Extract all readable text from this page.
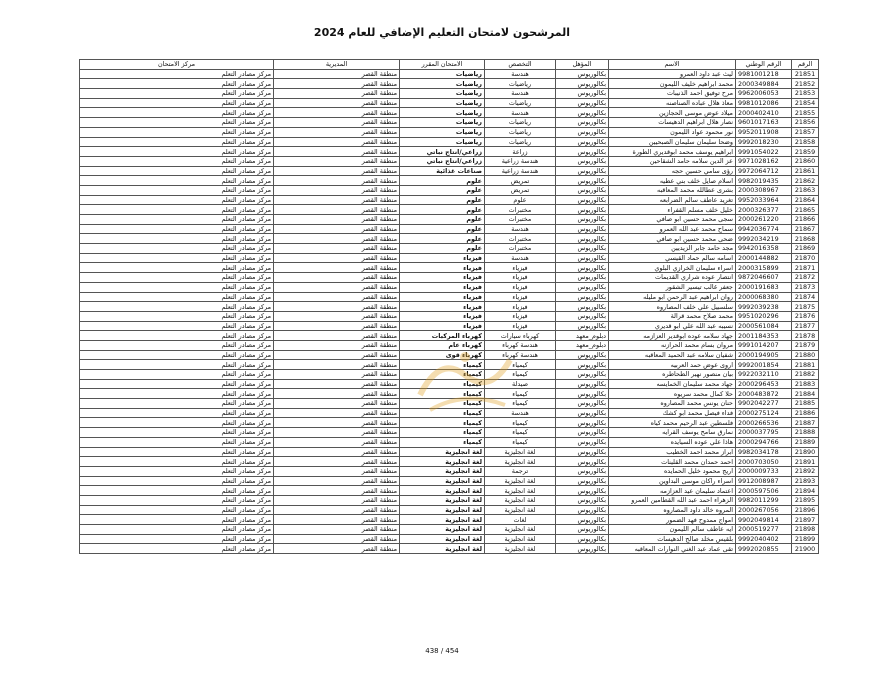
المرشحون لامتحان التعليم الإضافي للعام 2024
الرقم	الرقم الوطني	الاسم	المؤهل	التخصص	الامتحان المقرر	المديرية	مركز الامتحان
21851	9981001218	ليث عبد داود العمرو	بكالوريوس	هندسة	رياضيات	منطقة القصر	مركز مصادر التعلم
21852	2000349884	محمد ابراهيم خليف الليمون	بكالوريوس	رياضيات	رياضيات	منطقة القصر	مركز مصادر التعلم
21853	9962006053	مرح توفيق احمد الذنيبات	بكالوريوس	هندسة	رياضيات	منطقة القصر	مركز مصادر التعلم
21854	9981012086	معاذ هلال عباده الصناصنه	بكالوريوس	رياضيات	رياضيات	منطقة القصر	مركز مصادر التعلم
21855	2000402410	ميلاد عوض موسى الحجازين	بكالوريوس	هندسة	رياضيات	منطقة القصر	مركز مصادر التعلم
21856	9601017163	نصار هلال ابراهيم الدهيسات	بكالوريوس	رياضيات	رياضيات	منطقة القصر	مركز مصادر التعلم
21857	9952011908	نور محمود عواد الليمون	بكالوريوس	رياضيات	رياضيات	منطقة القصر	مركز مصادر التعلم
21858	9992018230	وضحا سليمان سليمان الصبحيين	بكالوريوس	رياضيات	رياضيات	منطقة القصر	مركز مصادر التعلم
21859	9991054022	ابراهيم يوسف محمد ابوقديري الطورة	بكالوريوس	زراعة	زراعي/انتاج نباتي	منطقة القصر	مركز مصادر التعلم
21860	9971028162	عز الدين سلامه حامد الشقاحين	بكالوريوس	هندسة زراعية	زراعي/انتاج نباتي	منطقة القصر	مركز مصادر التعلم
21861	9972064712	رؤى سامي حسين حجه	بكالوريوس	هندسة زراعية	صناعات غذائية	منطقة القصر	مركز مصادر التعلم
21862	9982019435	اسلام صايل خلف بني عطيه	بكالوريوس	تمريض	علوم	منطقة القصر	مركز مصادر التعلم
21863	2000308967	بشرى عطالله محمد المعاقبه	بكالوريوس	تمريض	علوم	منطقة القصر	مركز مصادر التعلم
21864	9952033964	تغريد عاطف سالم الضرابعه	بكالوريوس	علوم	علوم	منطقة القصر	مركز مصادر التعلم
21865	2000326377	خليل خلف مسلم القفراء	بكالوريوس	مختبرات	علوم	منطقة القصر	مركز مصادر التعلم
21866	2000261220	سجى محمد حسين ابو صافي	بكالوريوس	مختبرات	علوم	منطقة القصر	مركز مصادر التعلم
21867	9942036774	سماح محمد عبد الله العمرو	بكالوريوس	هندسة	علوم	منطقة القصر	مركز مصادر التعلم
21868	9992034219	ضحى محمد حسين ابو صافي	بكالوريوس	مختبرات	علوم	منطقة القصر	مركز مصادر التعلم
21869	9942016358	مجد حامد جابر الزيديين	بكالوريوس	مختبرات	علوم	منطقة القصر	مركز مصادر التعلم
21870	2000144882	اسامه سالم حماد القيسي	بكالوريوس	هندسة	فيزياء	منطقة القصر	مركز مصادر التعلم
21871	2000315899	اسراء سليمان الخرازي البلوي	بكالوريوس	فيزياء	فيزياء	منطقة القصر	مركز مصادر التعلم
21872	9872046607	انتصار عوده شراري القديمات	بكالوريوس	فيزياء	فيزياء	منطقة القصر	مركز مصادر التعلم
21873	2000191683	جعفر غالب تيسير الشقور	بكالوريوس	فيزياء	فيزياء	منطقة القصر	مركز مصادر التعلم
21874	2000068380	روان ابراهيم عبد الرحمن ابو مليله	بكالوريوس	فيزياء	فيزياء	منطقة القصر	مركز مصادر التعلم
21875	9992039238	سلسبيل علي خلف المصاروه	بكالوريوس	فيزياء	فيزياء	منطقة القصر	مركز مصادر التعلم
21876	9951020296	محمد صلاح محمد قرالة	بكالوريوس	فيزياء	فيزياء	منطقة القصر	مركز مصادر التعلم
21877	2000561084	نسيبه عبد الله علي ابو قديري	بكالوريوس	فيزياء	فيزياء	منطقة القصر	مركز مصادر التعلم
21878	2001184353	جهاد سلامه عوده ابوقدير العزازمه	دبلوم_معهد	كهرباء سيارات	كهرباء المركبات	منطقة القصر	مركز مصادر التعلم
21879	9991014207	مروان بسام محمد الحرازنه	دبلوم_معهد	هندسة كهرباء	كهرباء عام	منطقة القصر	مركز مصادر التعلم
21880	2000194905	شفيان سلامه عبد الحميد المعاقبه	بكالوريوس	هندسة كهرباء	كهرباء قوى	منطقة القصر	مركز مصادر التعلم
21881	9992001854	اروى عوض حمد العربيه	بكالوريوس	كيمياء	كيمياء	منطقة القصر	مركز مصادر التعلم
21882	9922032110	بيان منصور نهير الطحاطره	بكالوريوس	كيمياء	كيمياء	منطقة القصر	مركز مصادر التعلم
21883	2000296453	جهاد محمد سليمان الخمايسه	بكالوريوس	صيدلة	كيمياء	منطقة القصر	مركز مصادر التعلم
21884	2000483872	حلا كمال محمد سريوه	بكالوريوس	كيمياء	كيمياء	منطقة القصر	مركز مصادر التعلم
21885	9902042277	حنان يونس محمد المصاروه	بكالوريوس	كيمياء	كيمياء	منطقة القصر	مركز مصادر التعلم
21886	2000275124	فداء فيصل محمد ابو كشك	بكالوريوس	هندسة	كيمياء	منطقة القصر	مركز مصادر التعلم
21887	2000266536	فلسطين عبد الرحيم محمد كياه	بكالوريوس	كيمياء	كيمياء	منطقة القصر	مركز مصادر التعلم
21888	2000037795	نمارق سامح يوسف القرايه	بكالوريوس	كيمياء	كيمياء	منطقة القصر	مركز مصادر التعلم
21889	2000294766	هاذا علي عوده السيايده	بكالوريوس	كيمياء	كيمياء	منطقة القصر	مركز مصادر التعلم
21890	9982034178	ابراز محمد احمد الخطيب	بكالوريوس	لغة انجليزية	لغة انجليزية	منطقة القصر	مركز مصادر التعلم
21891	2000703050	احمد حمدان محمد القلينات	بكالوريوس	لغة انجليزية	لغة انجليزية	منطقة القصر	مركز مصادر التعلم
21892	2000009733	اريج محمود خليل الحمايده	بكالوريوس	ترجمة	لغة انجليزية	منطقة القصر	مركز مصادر التعلم
21893	9912008987	اسراء راكان موسى البداوين	بكالوريوس	لغة انجليزية	لغة انجليزية	منطقة القصر	مركز مصادر التعلم
21894	2000597506	اعتماد سليمان عيد العزازمه	بكالوريوس	لغة انجليزية	لغة انجليزية	منطقة القصر	مركز مصادر التعلم
21895	9982011299	الزهراء احمد عبد الله القطامين العمرو	بكالوريوس	لغة انجليزية	لغة انجليزية	منطقة القصر	مركز مصادر التعلم
21896	2000267056	المروه خالد داود المصاروه	بكالوريوس	لغة انجليزية	لغة انجليزية	منطقة القصر	مركز مصادر التعلم
21897	9902049814	امواج ممدوح فهد الضمور	بكالوريوس	لغات	لغة انجليزية	منطقة القصر	مركز مصادر التعلم
21898	2000519277	ايه عاطف سالم الليمون	بكالوريوس	لغة انجليزية	لغة انجليزية	منطقة القصر	مركز مصادر التعلم
21899	9992040402	بلقيس مخلد صالح الدهيسات	بكالوريوس	لغة انجليزية	لغة انجليزية	منطقة القصر	مركز مصادر التعلم
21900	9992020855	تقى عماد عبد الغني النوارات المعاقبه	بكالوريوس	لغة انجليزية	لغة انجليزية	منطقة القصر	مركز مصادر التعلم
438 / 454
